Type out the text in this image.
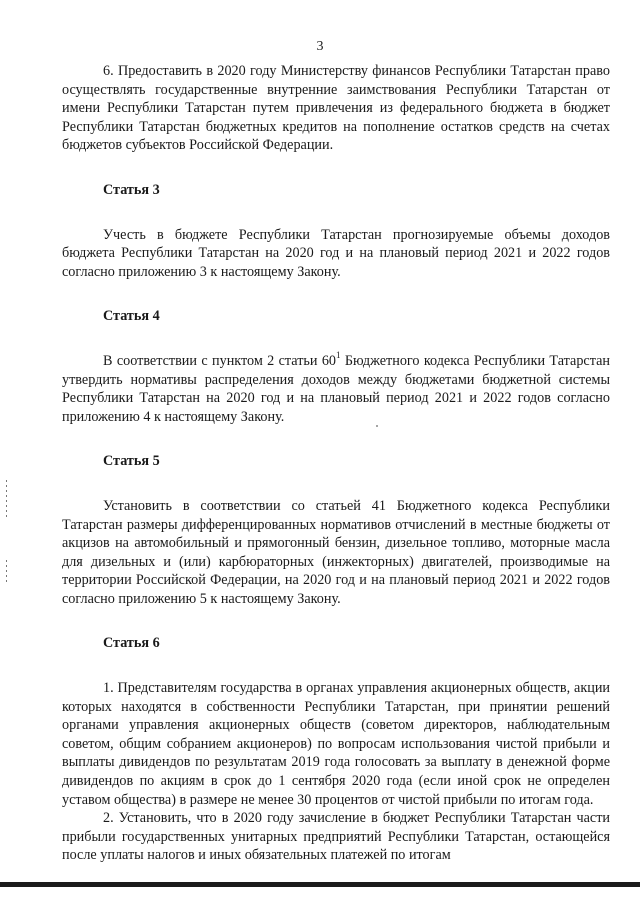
3

6. Предоставить в 2020 году Министерству финансов Республики Татарстан право осуществлять государственные внутренние заимствования Республики Татарстан от имени Республики Татарстан путем привлечения из федерального бюджета в бюджет Республики Татарстан бюджетных кредитов на пополнение остатков средств на счетах бюджетов субъектов Российской Федерации.

Статья 3

Учесть в бюджете Республики Татарстан прогнозируемые объемы доходов бюджета Республики Татарстан на 2020 год и на плановый период 2021 и 2022 годов согласно приложению 3 к настоящему Закону.

Статья 4

В соответствии с пунктом 2 статьи $60^1$ Бюджетного кодекса Республики Татарстан утвердить нормативы распределения доходов между бюджетами бюджетной системы Республики Татарстан на 2020 год и на плановый период 2021 и 2022 годов согласно приложению 4 к настоящему Закону.

Статья 5

Установить в соответствии со статьей 41 Бюджетного кодекса Республики Татарстан размеры дифференцированных нормативов отчислений в местные бюджеты от акцизов на автомобильный и прямогонный бензин, дизельное топливо, моторные масла для дизельных и (или) карбюраторных (инжекторных) двигателей, производимые на территории Российской Федерации, на 2020 год и на плановый период 2021 и 2022 годов согласно приложению 5 к настоящему Закону.

Статья 6

1. Представителям государства в органах управления акционерных обществ, акции которых находятся в собственности Республики Татарстан, при принятии решений органами управления акционерных обществ (советом директоров, наблюдательным советом, общим собранием акционеров) по вопросам использования чистой прибыли и выплаты дивидендов по результатам 2019 года голосовать за выплату в денежной форме дивидендов по акциям в срок до 1 сентября 2020 года (если иной срок не определен уставом общества) в размере не менее 30 процентов от чистой прибыли по итогам года.

2. Установить, что в 2020 году зачисление в бюджет Республики Татарстан части прибыли государственных унитарных предприятий Республики Татарстан, остающейся после уплаты налогов и иных обязательных платежей по итогам
